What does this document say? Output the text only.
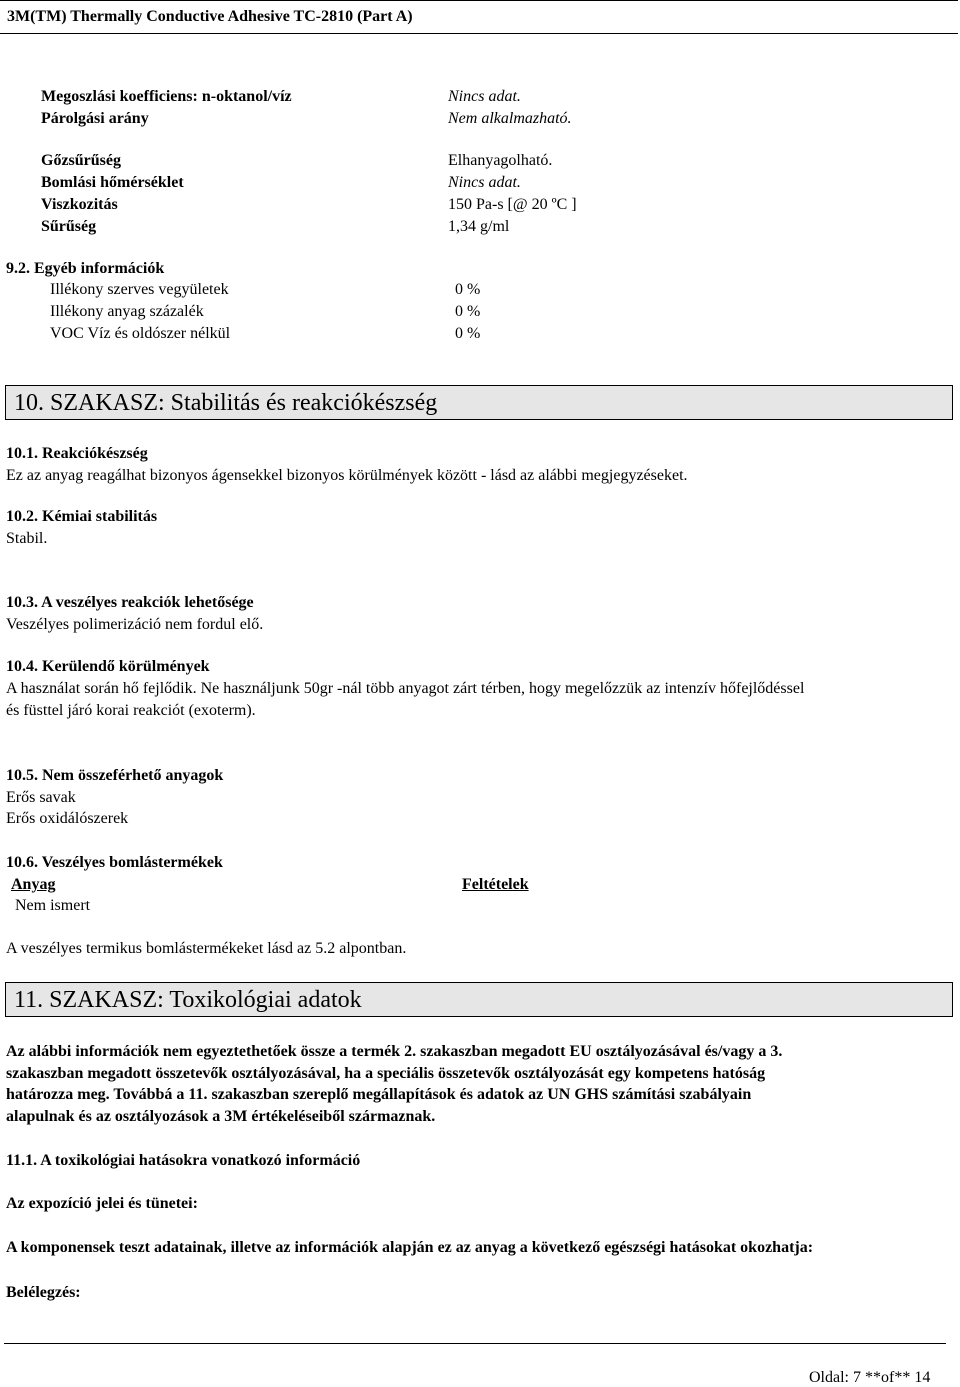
3M(TM) Thermally Conductive Adhesive TC-2810 (Part A)
Megoszlási koefficiens: n-oktanol/víz	Nincs adat.
Párolgási arány	Nem alkalmazható.
Gőzsűrűség	Elhanyagolható.
Bomlási hőmérséklet	Nincs adat.
Viszkozitás	150 Pa-s [@ 20 ºC ]
Sűrűség	1,34 g/ml
9.2. Egyéb információk
Illékony szerves vegyületek	0 %
Illékony anyag százalék	0 %
VOC Víz és oldószer nélkül	0 %
10. SZAKASZ: Stabilitás és reakciókészség
10.1. Reakciókészség
Ez az anyag reagálhat bizonyos ágensekkel bizonyos körülmények között - lásd az alábbi megjegyzéseket.
10.2. Kémiai stabilitás
Stabil.
10.3. A veszélyes reakciók lehetősége
Veszélyes polimerizáció nem fordul elő.
10.4. Kerülendő körülmények
A használat során hő fejlődik. Ne használjunk 50gr -nál több anyagot zárt térben, hogy megelőzzük az intenzív hőfejlődéssel
és füsttel járó korai reakciót (exoterm).
10.5. Nem összeférhető anyagok
Erős savak
Erős oxidálószerek
10.6. Veszélyes bomlástermékek
Anyag	Feltételek
Nem ismert
A veszélyes termikus bomlástermékeket lásd az 5.2 alpontban.
11. SZAKASZ: Toxikológiai adatok
Az alábbi információk nem egyeztethetőek össze a termék 2. szakaszban megadott EU osztályozásával és/vagy a 3.
szakaszban megadott összetevők osztályozásával, ha a speciális összetevők osztályozását egy kompetens hatóság
határozza meg. Továbbá a 11. szakaszban szereplő megállapítások és adatok az UN GHS számítási szabályain
alapulnak és az osztályozások a 3M értékeléseiből származnak.
11.1. A toxikológiai hatásokra vonatkozó információ
Az expozíció jelei és tünetei:
A komponensek teszt adatainak, illetve az információk alapján ez az anyag a következő egészségi hatásokat okozhatja:
Belélegzés:
Oldal: 7 **of** 14
